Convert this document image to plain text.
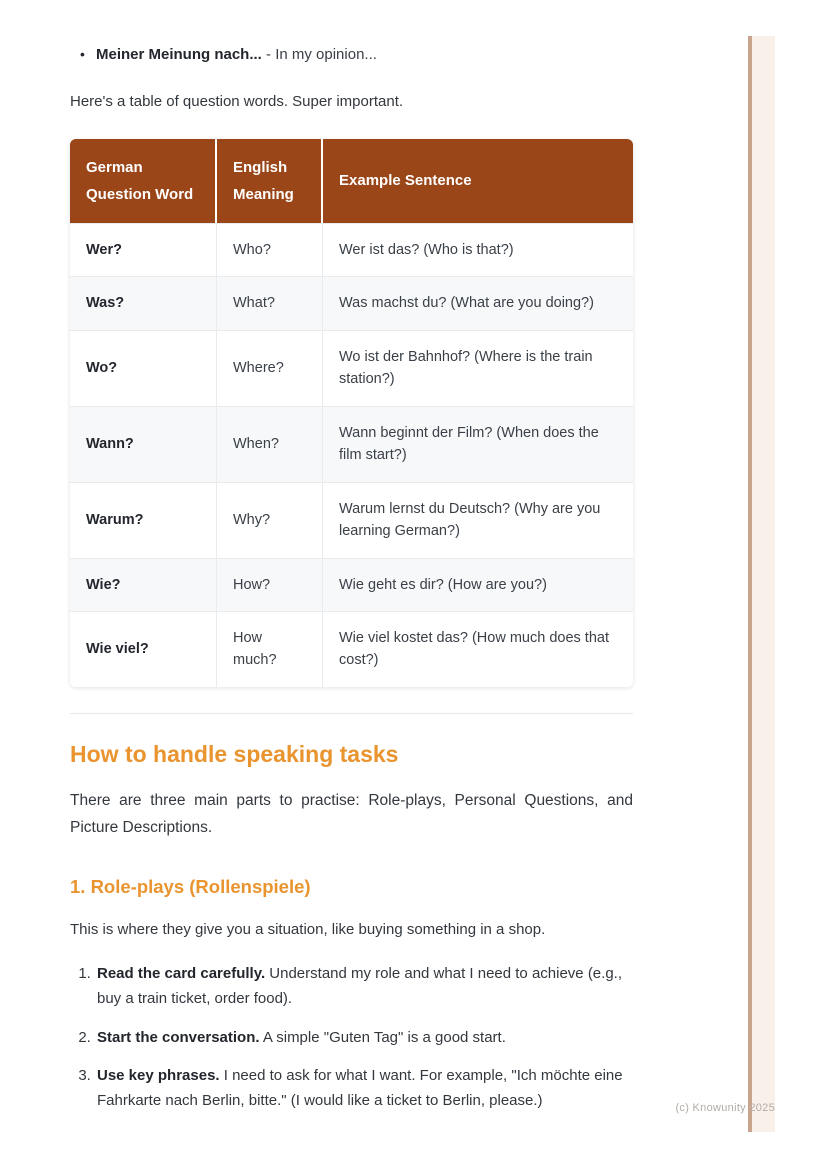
• Meiner Meinung nach... - In my opinion...

Here's a table of question words. Super important.

German Question Word	English Meaning	Example Sentence
Wer?	Who?	Wer ist das? (Who is that?)
Was?	What?	Was machst du? (What are you doing?)
Wo?	Where?	Wo ist der Bahnhof? (Where is the train station?)
Wann?	When?	Wann beginnt der Film? (When does the film start?)
Warum?	Why?	Warum lernst du Deutsch? (Why are you learning German?)
Wie?	How?	Wie geht es dir? (How are you?)
Wie viel?	How much?	Wie viel kostet das? (How much does that cost?)
How to handle speaking tasks

There are three main parts to practise: Role-plays, Personal Questions, and Picture Descriptions.

1. Role-plays (Rollenspiele)

This is where they give you a situation, like buying something in a shop.

1. Read the card carefully. Understand my role and what I need to achieve (e.g., buy a train ticket, order food).
2. Start the conversation. A simple "Guten Tag" is a good start.
3. Use key phrases. I need to ask for what I want. For example, "Ich möchte eine Fahrkarte nach Berlin, bitte." (I would like a ticket to Berlin, please.)	(c) Knowunity 2025
